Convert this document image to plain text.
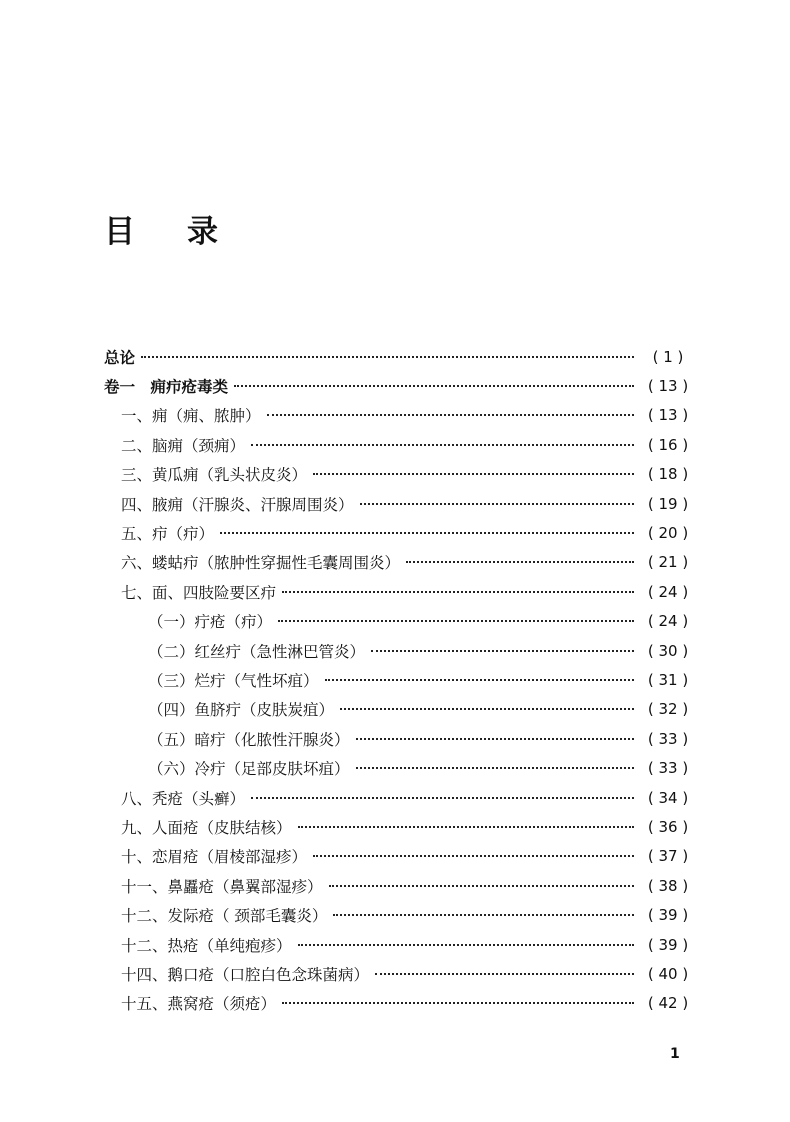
目 录
总论	( 1 )
卷一　痈疖疮毒类	( 13 )
一、痈（痈、脓肿）	( 13 )
二、脑痈（颈痈）	( 16 )
三、黄瓜痈（乳头状皮炎）	( 18 )
四、腋痈（汗腺炎、汗腺周围炎）	( 19 )
五、疖（疖）	( 20 )
六、蝼蛄疖（脓肿性穿掘性毛囊周围炎）	( 21 )
七、面、四肢险要区疖	( 24 )
（一）疔疮（疖）	( 24 )
（二）红丝疔（急性淋巴管炎）	( 30 )
（三）烂疔（气性坏疽）	( 31 )
（四）鱼脐疔（皮肤炭疽）	( 32 )
（五）暗疔（化脓性汗腺炎）	( 33 )
（六）冷疔（足部皮肤坏疽）	( 33 )
八、秃疮（头癣）	( 34 )
九、人面疮（皮肤结核）	( 36 )
十、恋眉疮（眉棱部湿疹）	( 37 )
十一、鼻䘌疮（鼻翼部湿疹）	( 38 )
十二、发际疮（ 颈部毛囊炎）	( 39 )
十二、热疮（单纯疱疹）	( 39 )
十四、鹅口疮（口腔白色念珠菌病）	( 40 )
十五、燕窝疮（须疮）	( 42 )
1
